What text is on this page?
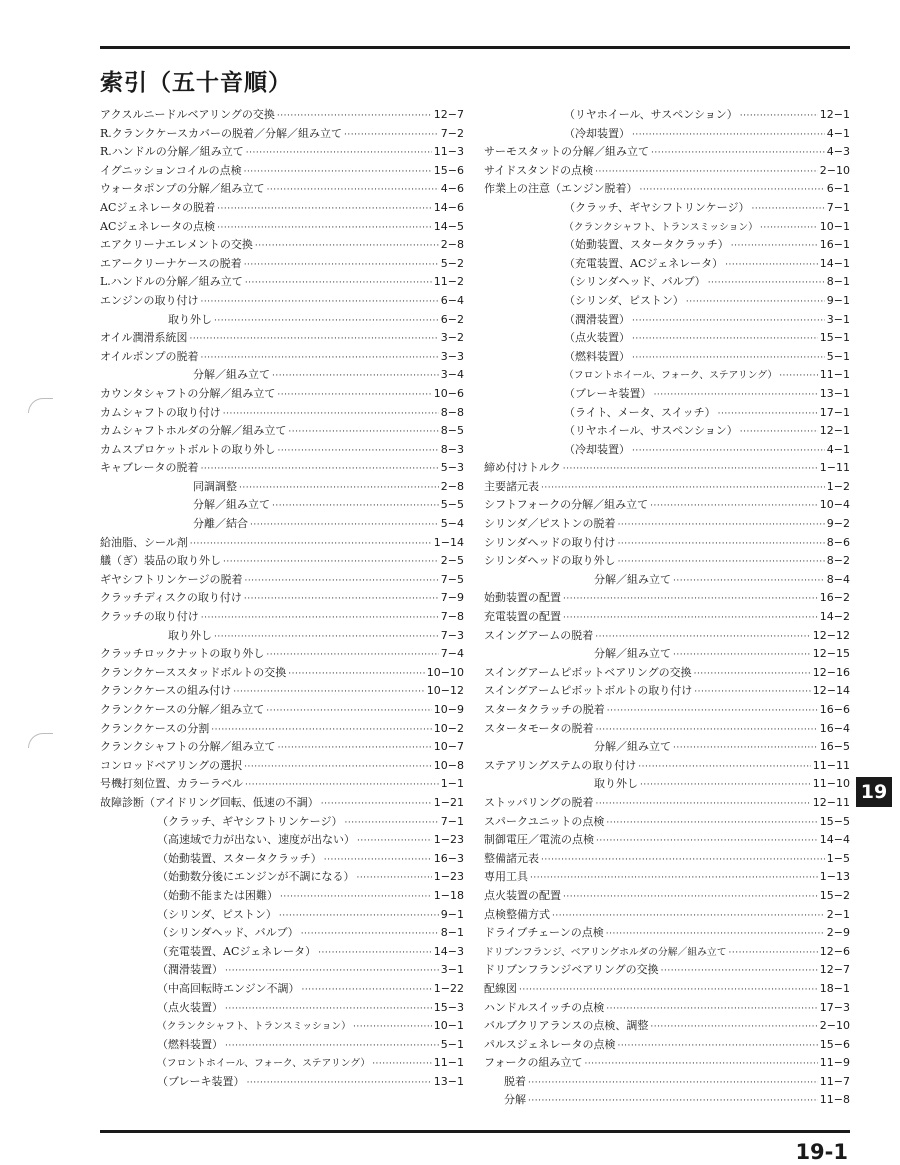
索引（五十音順）
アクスルニードルベアリングの交換 ·····	12−7
R.クランクケースカバーの脱着／分解／組み立て ·····	7−2
R.ハンドルの分解／組み立て ·····	11−3
イグニッションコイルの点検 ·····	15−6
ウォータポンプの分解／組み立て ·····	4−6
ACジェネレータの脱着 ·····	14−6
ACジェネレータの点検 ·····	14−5
エアクリーナエレメントの交換 ·····	2−8
エアークリーナケースの脱着 ·····	5−2
L.ハンドルの分解／組み立て ·····	11−2
エンジンの取り付け ·····	6−4
取り外し ·····	6−2
オイル潤滑系統図 ·····	3−2
オイルポンプの脱着 ·····	3−3
分解／組み立て ·····	3−4
カウンタシャフトの分解／組み立て ·····	10−6
カムシャフトの取り付け ·····	8−8
カムシャフトホルダの分解／組み立て ·····	8−5
カムスプロケットボルトの取り外し ·····	8−3
キャブレータの脱着 ·····	5−3
同調調整 ·····	2−8
分解／組み立て ·····	5−5
分離／結合 ·····	5−4
給油脂、シール剤 ·····	1−14
艤（ぎ）装品の取り外し ·····	2−5
ギヤシフトリンケージの脱着 ·····	7−5
クラッチディスクの取り付け ·····	7−9
クラッチの取り付け ·····	7−8
取り外し ·····	7−3
クラッチロックナットの取り外し ·····	7−4
クランクケーススタッドボルトの交換 ·····	10−10
クランクケースの組み付け ·····	10−12
クランクケースの分解／組み立て ·····	10−9
クランクケースの分割 ·····	10−2
クランクシャフトの分解／組み立て ·····	10−7
コンロッドベアリングの選択 ·····	10−8
号機打刻位置、カラーラベル ·····	1−1
故障診断（アイドリング回転、低速の不調） ·····	1−21
（クラッチ、ギヤシフトリンケージ） ·····	7−1
（高速域で力が出ない、速度が出ない） ·····	1−23
（始動装置、スタータクラッチ） ·····	16−3
（始動数分後にエンジンが不調になる） ·····	1−23
（始動不能または困難） ·····	1−18
（シリンダ、ピストン） ·····	9−1
（シリンダヘッド、バルブ） ·····	8−1
（充電装置、ACジェネレータ） ·····	14−3
（潤滑装置） ·····	3−1
（中高回転時エンジン不調） ·····	1−22
（点火装置） ·····	15−3
（クランクシャフト、トランスミッション） ·····	10−1
（燃料装置） ·····	5−1
（フロントホイール、フォーク、ステアリング） ·····	11−1
（ブレーキ装置） ·····	13−1
（リヤホイール、サスペンション） ·····	12−1
（冷却装置） ·····	4−1
サーモスタットの分解／組み立て ·····	4−3
サイドスタンドの点検 ·····	2−10
作業上の注意（エンジン脱着） ·····	6−1
（クラッチ、ギヤシフトリンケージ） ·····	7−1
（クランクシャフト、トランスミッション） ·····	10−1
（始動装置、スタータクラッチ） ·····	16−1
（充電装置、ACジェネレータ） ·····	14−1
（シリンダヘッド、バルブ） ·····	8−1
（シリンダ、ピストン） ·····	9−1
（潤滑装置） ·····	3−1
（点火装置） ·····	15−1
（燃料装置） ·····	5−1
（フロントホイール、フォーク、ステアリング） ·····	11−1
（ブレーキ装置） ·····	13−1
（ライト、メータ、スイッチ） ·····	17−1
（リヤホイール、サスペンション） ·····	12−1
（冷却装置） ·····	4−1
締め付けトルク ·····	1−11
主要諸元表 ·····	1−2
シフトフォークの分解／組み立て ·····	10−4
シリンダ／ピストンの脱着 ·····	9−2
シリンダヘッドの取り付け ·····	8−6
シリンダヘッドの取り外し ·····	8−2
分解／組み立て ·····	8−4
始動装置の配置 ·····	16−2
充電装置の配置 ·····	14−2
スイングアームの脱着 ·····	12−12
分解／組み立て ·····	12−15
スイングアームピボットベアリングの交換 ·····	12−16
スイングアームピボットボルトの取り付け ·····	12−14
スタータクラッチの脱着 ·····	16−6
スタータモータの脱着 ·····	16−4
分解／組み立て ·····	16−5
ステアリングステムの取り付け ·····	11−11
取り外し ·····	11−10
ストッパリングの脱着 ·····	12−11
スパークユニットの点検 ·····	15−5
制御電圧／電流の点検 ·····	14−4
整備諸元表 ·····	1−5
専用工具 ·····	1−13
点火装置の配置 ·····	15−2
点検整備方式 ·····	2−1
ドライブチェーンの点検 ·····	2−9
ドリブンフランジ、ベアリングホルダの分解／組み立て ·····	12−6
ドリブンフランジベアリングの交換 ·····	12−7
配線図 ·····	18−1
ハンドルスイッチの点検 ·····	17−3
バルブクリアランスの点検、調整 ·····	2−10
パルスジェネレータの点検 ·····	15−6
フォークの組み立て ·····	11−9
脱着 ·····	11−7
分解 ·····	11−8
19
19-1
